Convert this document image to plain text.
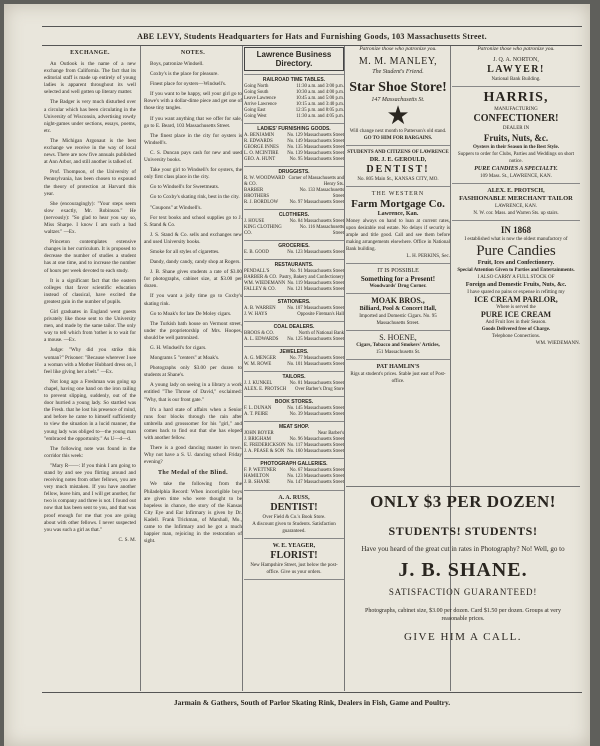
ABE LEVY, Students Headquarters for Hats and Furnishing Goods, 103 Massachusetts Street.
EXCHANGE.

An Outlook is the name of a new exchange from California. The fact that its editorial staff is made up entirely of young ladies is apparent throughout its well selected and well gotten up literary matter.

The Badger is very much disturbed over a circular which has been circulating in the University of Wisconsin, advertising rowdy night-games under sections, essays, poems, etc.

The Michigan Argonaut is the best exchange we receive in the way of local news. There are now five annuals published at Ann Arbor, and still another is talked of.

Prof. Thompson, of the University of Pennsylvania, has been chosen to expound the theory of protection at Harvard this year.

She (encouragingly): "Your steps seem slow exactly, Mr. Robinson." He (nervously): "So glad to hear you say so, Miss Sharpe. I know I am such a bad waltzer." —Ex.

Princeton contemplates extensive changes in her curriculum. It is proposed to decrease the number of studies a student has at one time, and to increase the number of hours per week devoted to each study.

It is a significant fact that the eastern colleges that favor scientific education instead of classical, have excited the greatest gain in the number of pupils.

Girl graduates in England went guests privately like those sent to the University men, and made by the same tailor. The only way to tell which from 'tother is to wait for a mouse. —Ex.

Judge: "Why did you strike this woman?" Prisoner: "Because wherever I see a woman with a Mother Hubbard dress on, I feel like giving her a belt." —Ex.

Not long ago a Freshman was going up chapel, having one hand on the iron railing to prevent slipping, suddenly, out of the door hurried a young lady. So startled was the Fresh. that he lost his presence of mind, and before he came to himself sufficiently to view the situation in a lucid manner, the young lady was obliged to—the young man "embraced the opportunity." As U—d—d.

The following note was found in the corridor this week:

"Mary R——: If you think I am going to stand by and see you flirting around and receiving notes from other fellows, you are very much mistaken. If you have another fellow, leave him, and I will get another, for two is company and three is not. I found out now that has been sent to you, and that was proof enough for me that you are going about with other fellows. I never suspected you was such a girl as that."

C. S. M.
NOTES.

Boys, patronize Windsell.

Coxby's is the place for pleasure.

Finest place for oysters—Windsell's.

If you want to be happy, sell your girl go to Rowe's with a dollar-dime piece and get one of those tiny tangles.

If you want anything that we offer for sale, go to E. Beard, 103 Massachusetts Street.

The finest place in the city for oysters is Windsell's.

C. S. Duncan pays cash for new and used University books.

Take your girl to Windsell's for oysters, the only first class place in the city.

Go to Windsell's for Sweetmeats.

Go to Coxby's skating rink, best in the city.

"Coupons" at Windsell's.

For text books and school supplies go to J. S. Stand & Co.

J. S. Stand & Co. sells and exchanges new and used University books.

Smoke for all styles of cigarettes.

Dandy, dandy candy, candy shop at Rogers.

J. B. Shane gives students a rate of $3.00 for photographs, cabinet size, at $3.00 per dozen.

If you want a jolly time go to Coxby's skating rink.

Go to Moak's for late De Moley cigars.

The Turkish bath house on Vermont street, under the proprietorship of Mrs. Hoopes, should be well patronized.

G. H. Windsell's for cigars.

Mongrams 5 "centers" at Moak's.

Photographs only $3.00 per dozen to students at Shane's.

A young lady on seeing in a library a work entitled "The Throne of David," exclaimed: "Why, that is our front gate."

It's a hard state of affairs when a Senior runs four blocks through the rain after umbrella and grosssomer for his "girl," and comes back to find out that she has eloped with another fellow.

There is a good dancing master in town. Why not have a S. U. dancing school Friday evening?

The Medal of the Blind.

We take the following from the Philadelphia Record: When incorrigible boys are given time who were thought to be hopeless in chance, the story of the Kansas City Eye and Ear Infirmary is given by Dr. Kadell. Frank Trickman, of Marshall, Mo., came to the Infirmary and he got a much happier man, rejoicing in the restoration of sight.

Lawrence Business Directory.
RAILROAD TIME TABLES.
Going North	11:30 a.m. and 3:00 p.m.
Going South	10:30 a.m. and 4:00 p.m.
Leave Lawrence	10:45 a.m. and 5:00 p.m.
Arrive Lawrence	10:15 a.m. and 3:40 p.m.
Going East	12:35 p.m. and 8:05 p.m.
Going West	11:30 a.m. and 4:05 p.m.
LADIES' FURNISHING GOODS.
A. BENJAMIN	No. 129 Massachusetts Street
R. EDWARDS	No. 149 Massachusetts Street
GEORGE INNES No. 135 Massachusetts Street
L. O. MCINTIRE No. 139 Massachusetts Street
GEO. A. HUNT	No. 95 Massachusetts Street
DRUGGISTS.
R. W. WOODWARD & CO.
Corner of Massachusetts and Henry Sts.
BARBER BROTHERS
No. 133 Massachusetts Street
R. J. BORDLOW No. 97 Massachusetts Street
CLOTHIERS.
J. HOUSE	No. 84 Massachusetts Street
KING CLOTHING CO.
No. 116 Massachusetts Street
GROCERIES.
E. B. GOOD	No. 123 Massachusetts Street
RESTAURANTS.
PENDALL'S	No. 91 Massachusetts Street
BARBER & CO. Pastry, Bakery and Confectionery
WM. WIEDEMANN No. 119 Massachusetts Street
FALLEY & CO. No. 121 Massachusetts Street
STATIONERS.
A. B. WARREN No. 107 Massachusetts Street
J. W. HAYS	Opposite Fireman's Hall
COAL DEALERS.
BROOS & CO.	North of National Bank
A. L. EDWARDS No. 125 Massachusetts Street
JEWELERS.
A. G. MENGER	No. 77 Massachusetts Street
W. M. ROWE	No. 101 Massachusetts Street
TAILORS.
J. J. KUNKEL	No. 81 Massachusetts Street
ALEX. E. PROTSCH Over Barber's Drug Store
BOOK STORES.
F. L. DUNAN	No. 145 Massachusetts Street
A. T. PEIRE	No. 39 Massachusetts Street
MEAT SHOP.
JOHN BOYER	Near Barber's
J. BRIGHAM	No. 96 Massachusetts Street
E. FREDERICKSON No. 117 Massachusetts Street
J. A. PEASE & SON No. 160 Massachusetts Street
PHOTOGRAPH GALLERIES.
F. P. WETTNER	No. 67 Massachusetts Street
HAMILTON	No. 123 Massachusetts Street
J. B. SHANE	No. 147 Massachusetts Street
A. A. RUSS,
DENTIST!
Over Field & Co.'s Book Store.
A discount given to Students. Satisfaction guaranteed.
W. E. YEAGER,
FLORIST!
New Hampshire Street, just below the post-office. Give us your orders.
Patronize those who patronize you.
M. M. MANLEY,
The Student's Friend.
Star Shoe Store!
147 Massachusetts St.
★
Will change next month to Patterson's old stand.
GO TO HIM FOR BARGAINS.
STUDENTS AND CITIZENS OF LAWRENCE
DR. J. E. GEROULD,
DENTIST!
No. 805 Main St., KANSAS CITY, MO.
THE WESTERN
Farm Mortgage Co.
Lawrence, Kan.
Money always on hand to loan at current rates, upon desirable real estate. No delays if security is ample and title good. Call and see them before making arrangements elsewhere. Office in National Bank building.
L. H. PERKINS, Sec.
IT IS POSSIBLE
Something for a Present!
Woodwards' Drug Corner.
MOAK BROS.,
Billiard, Pool & Concert Hall,
Imported and Domestic Cigars. No. 95 Massachusetts Street.
S. HOENE,
Cigars, Tobacco and Smokers' Articles,
151 Massachusetts St.
PAT HAMLIN'S
Rigs at student's prices. Stable just east of Post-office.
Patronize those who patronize you.
J. Q. A. NORTON,
LAWYER!
National Bank Building.
HARRIS,
MANUFACTURING
CONFECTIONER!
DEALER IN
Fruits, Nuts, &c.
Oysters in their Season in the Best Style.
Suppers to order for Clubs, Parties and Weddings on short notice.
PURE CANDIES A SPECIALTY.
109 Mass. St., LAWRENCE, KAN.
ALEX. E. PROTSCH,
FASHIONABLE MERCHANT TAILOR
LAWRENCE, KAN.
N. W. cor. Mass. and Warren Sts. up stairs.
IN 1868
I established what is now the oldest manufactory of
Pure Candies
Fruit, Ices and Confectionery.
Special Attention Given to Parties and Entertainments.
I ALSO CARRY A FULL STOCK OF
Foreign and Domestic Fruits, Nuts, &c.
I have spared no pains or expense in refitting my
ICE CREAM PARLOR,
Where is served the
PURE ICE CREAM
And Fruit Ices in their Season.
Goods Delivered free of Charge.
Telephone Connections.
WM. WIEDEMANN.
ONLY $3 PER DOZEN!
STUDENTS! STUDENTS!
Have you heard of the great cut in rates in Photography? No! Well, go to
J. B. SHANE.
SATISFACTION GUARANTEED!
Photographs, cabinet size, $3.00 per dozen. Card $1.50 per dozen. Groups at very reasonable prices.
GIVE HIM A CALL.
Jarmain & Gathers, South of Parlor Skating Rink, Dealers in Fish, Game and Poultry.
